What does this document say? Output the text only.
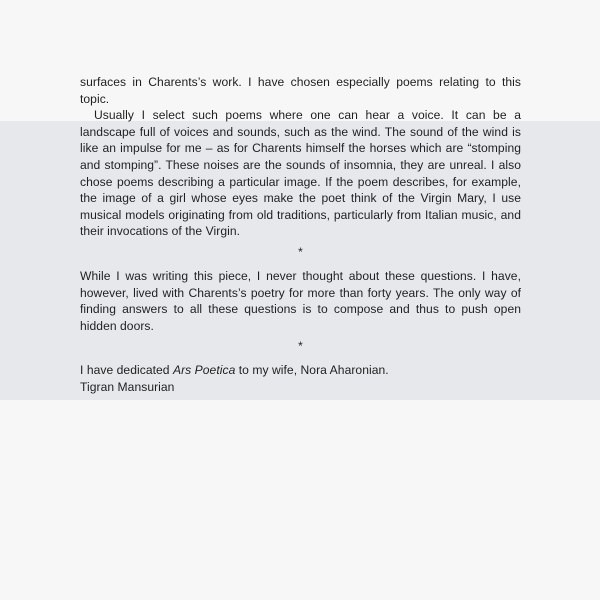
surfaces in Charents’s work. I have chosen especially poems relating to this topic.

Usually I select such poems where one can hear a voice. It can be a landscape full of voices and sounds, such as the wind. The sound of the wind is like an impulse for me – as for Charents himself the horses which are “stomping and stomping”. These noises are the sounds of insomnia, they are unreal. I also chose poems describing a particular image. If the poem describes, for example, the image of a girl whose eyes make the poet think of the Virgin Mary, I use musical models originating from old traditions, particularly from Italian music, and their invocations of the Virgin.

*

While I was writing this piece, I never thought about these questions. I have, however, lived with Charents’s poetry for more than forty years. The only way of finding answers to all these questions is to compose and thus to push open hidden doors.

*

I have dedicated Ars Poetica to my wife, Nora Aharonian.

Tigran Mansurian
